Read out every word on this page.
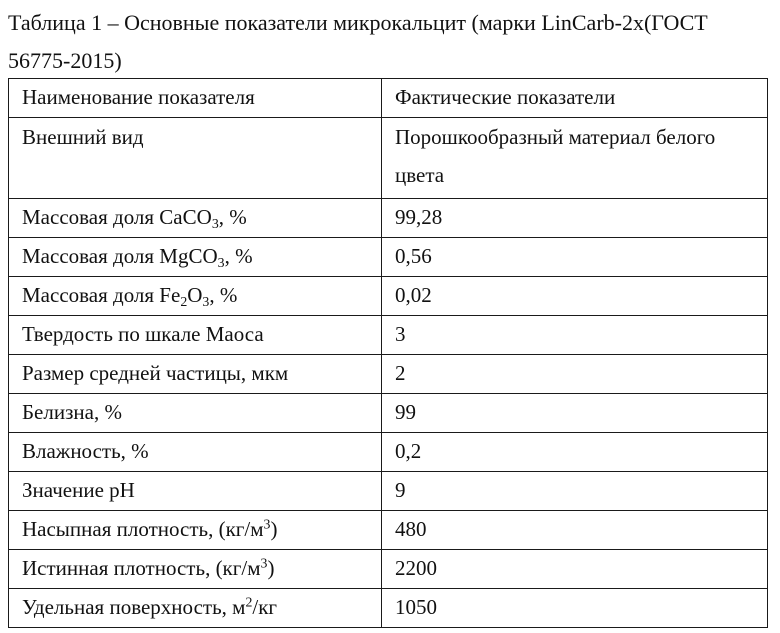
Таблица 1 – Основные показатели микрокальцит (марки LinCarb-2x(ГОСТ
56775-2015)
Наименование показателя	Фактические показатели
Внешний вид	Порошкообразный материал белого
цвета

Массовая доля CaCO$_3$, %	99,28
Массовая доля MgCO$_3$, %	0,56
Массовая доля $Fe_2O_3$, %	0,02
Твердость по шкале Маоса	3
Размер средней частицы, мкм	2
Белизна, %	99
Влажность, %	0,2
Значение pH	9
Насыпная плотность, $(кг/м^3)$	480
Истинная плотность, $(кг/м^3)$	2200
Удельная поверхность, $м^2/кг$	1050
